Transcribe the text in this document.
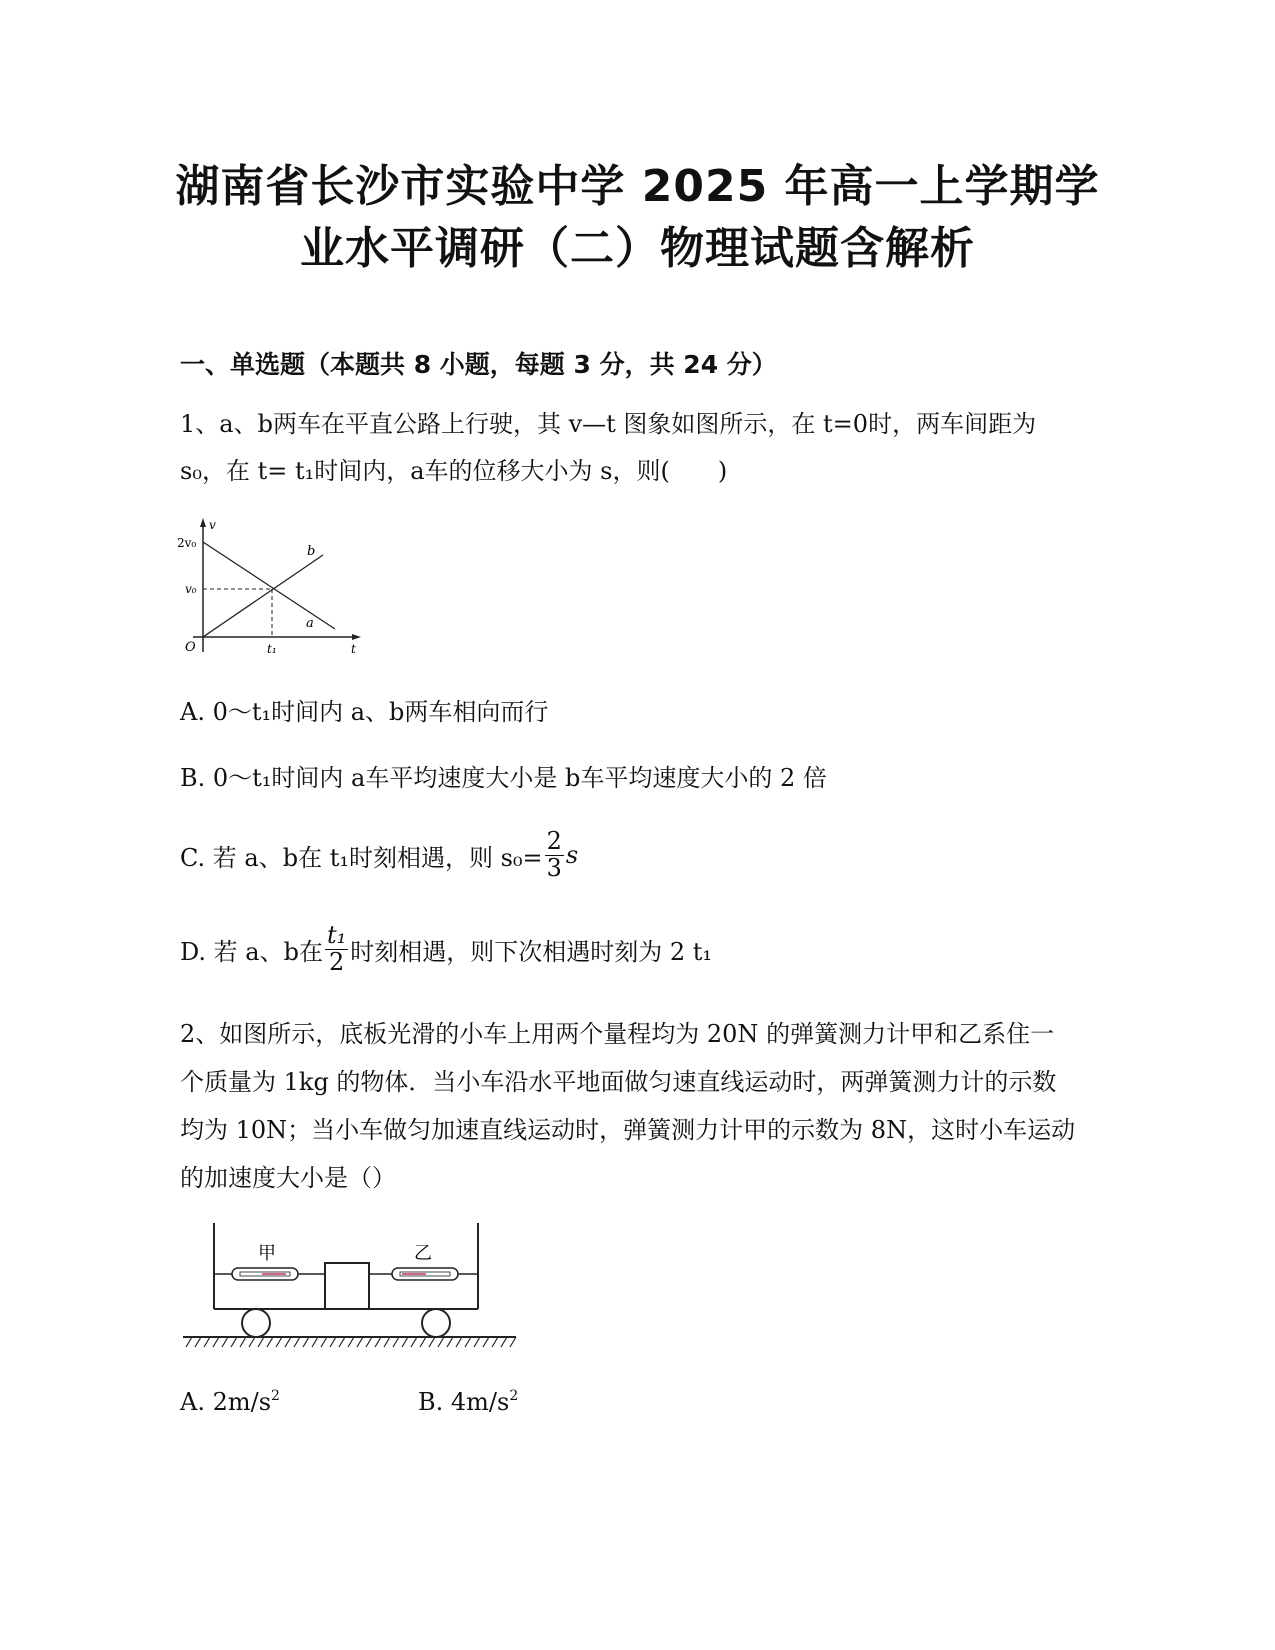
湖南省长沙市实验中学 2025 年高一上学期学
业水平调研（二）物理试题含解析
一、单选题（本题共 8 小题，每题 3 分，共 24 分）
1、a、b两车在平直公路上行驶，其 v—t 图象如图所示，在 t=0时，两车间距为
s₀，在 t= t₁时间内，a车的位移大小为 s，则(　　)
v
t
O
2v₀
v₀
t₁
a
b
A. 0～t₁时间内 a、b两车相向而行
B. 0～t₁时间内 a车平均速度大小是 b车平均速度大小的 2 倍
C. 若 a、b在 t₁时刻相遇，则 $s_0= \frac{2}{3}$ s
D. 若 a、b在 $\frac{\text{t₁}}{2}$ 时刻相遇，则下次相遇时刻为 2 t₁
2、如图所示，底板光滑的小车上用两个量程均为 20N 的弹簧测力计甲和乙系住一
个质量为 1kg 的物体．当小车沿水平地面做匀速直线运动时，两弹簧测力计的示数
均为 10N；当小车做匀加速直线运动时，弹簧测力计甲的示数为 8N，这时小车运动
的加速度大小是（）
甲	乙
A. $2m/s^2$	B. $4m/s^2$
